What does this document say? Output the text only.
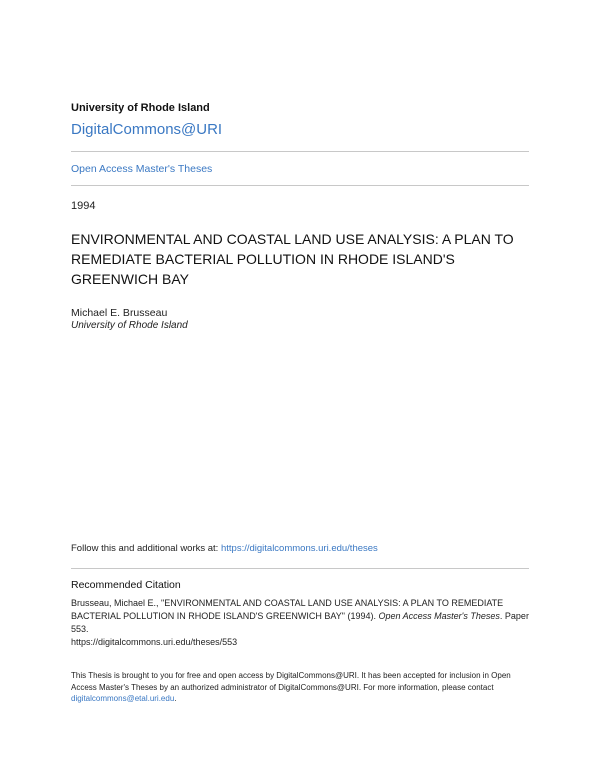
University of Rhode Island
DigitalCommons@URI
Open Access Master's Theses
1994
ENVIRONMENTAL AND COASTAL LAND USE ANALYSIS: A PLAN TO REMEDIATE BACTERIAL POLLUTION IN RHODE ISLAND'S GREENWICH BAY
Michael E. Brusseau
University of Rhode Island
Follow this and additional works at: https://digitalcommons.uri.edu/theses
Recommended Citation
Brusseau, Michael E., "ENVIRONMENTAL AND COASTAL LAND USE ANALYSIS: A PLAN TO REMEDIATE BACTERIAL POLLUTION IN RHODE ISLAND'S GREENWICH BAY" (1994). Open Access Master's Theses. Paper 553.
https://digitalcommons.uri.edu/theses/553
This Thesis is brought to you for free and open access by DigitalCommons@URI. It has been accepted for inclusion in Open Access Master's Theses by an authorized administrator of DigitalCommons@URI. For more information, please contact digitalcommons@etal.uri.edu.
